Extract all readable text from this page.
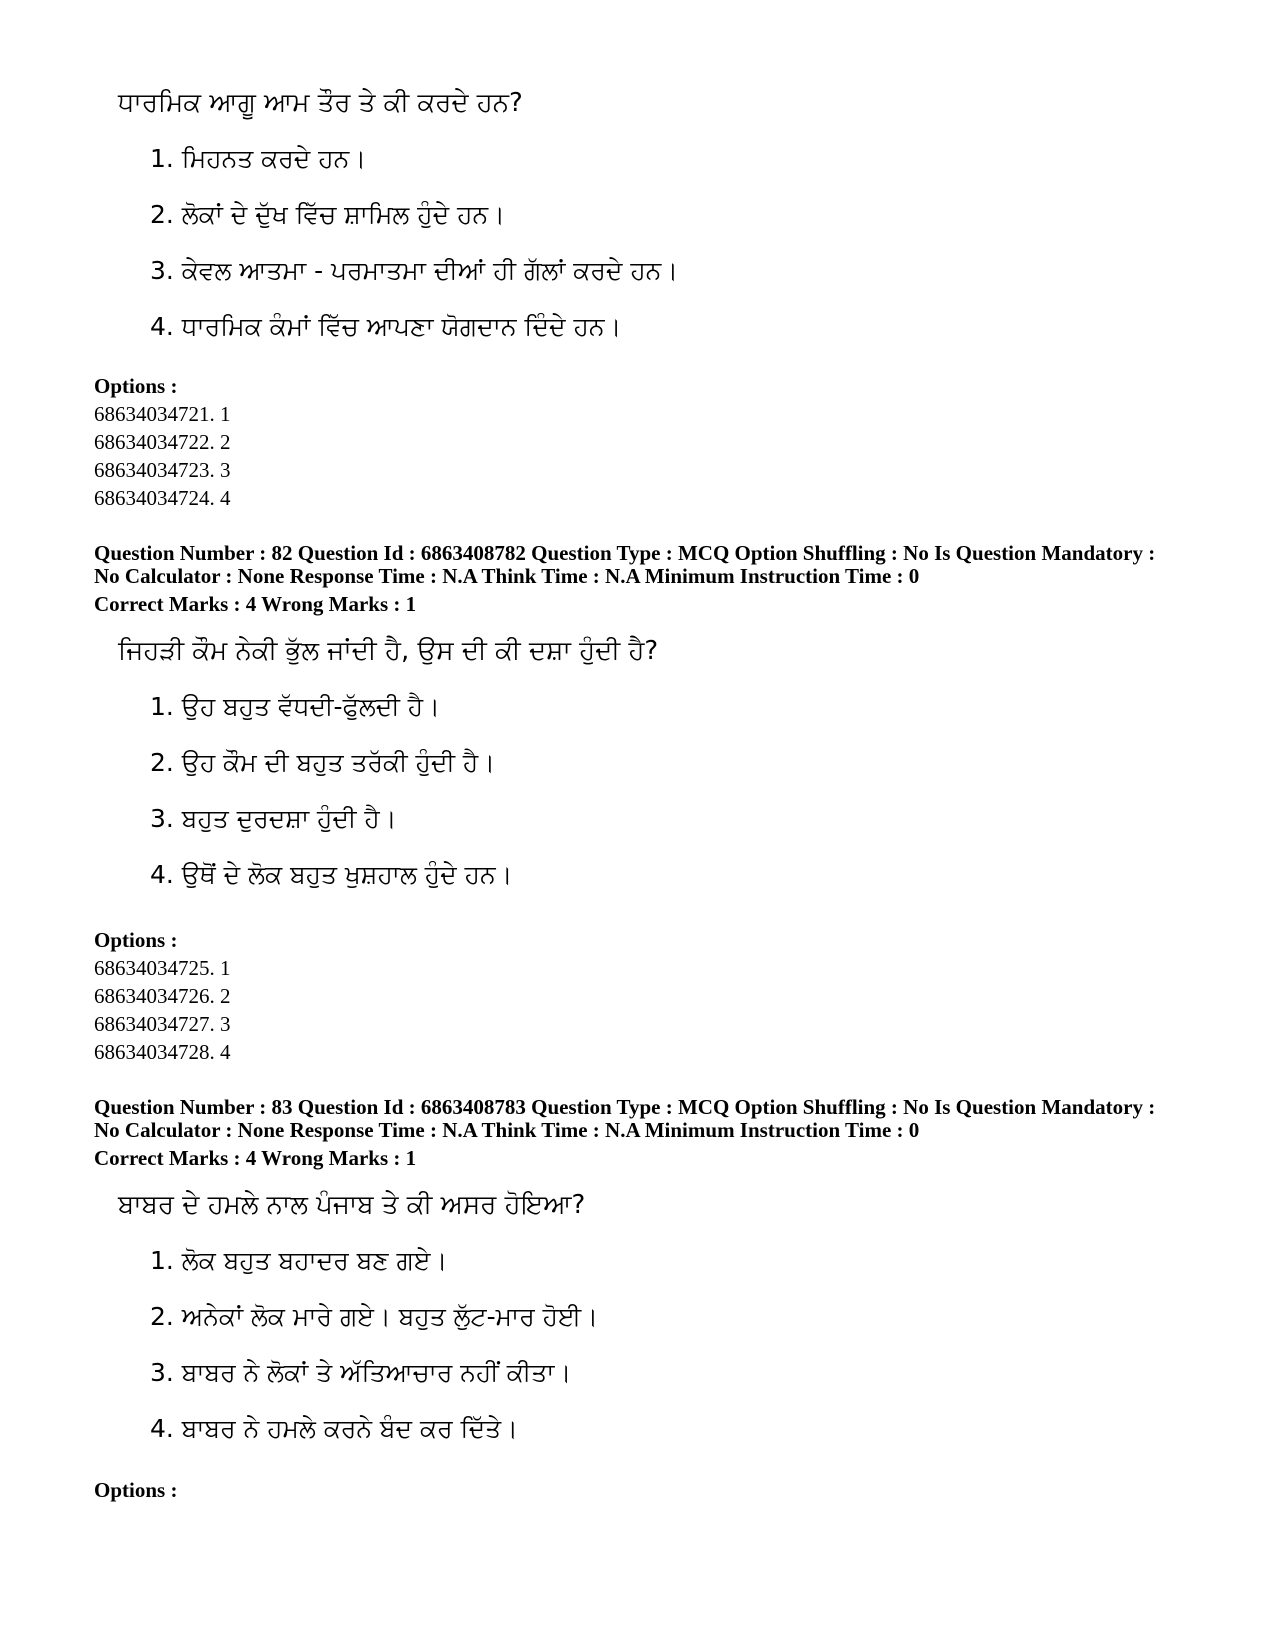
ਧਾਰਮਿਕ ਆਗੂ ਆਮ ਤੌਰ ਤੇ ਕੀ ਕਰਦੇ ਹਨ?
1. ਮਿਹਨਤ ਕਰਦੇ ਹਨ।
2. ਲੋਕਾਂ ਦੇ ਦੁੱਖ ਵਿੱਚ ਸ਼ਾਮਿਲ ਹੁੰਦੇ ਹਨ।
3. ਕੇਵਲ ਆਤਮਾ - ਪਰਮਾਤਮਾ ਦੀਆਂ ਹੀ ਗੱਲਾਂ ਕਰਦੇ ਹਨ।
4. ਧਾਰਮਿਕ ਕੰਮਾਂ ਵਿੱਚ ਆਪਣਾ ਯੋਗਦਾਨ ਦਿੰਦੇ ਹਨ।
Options :
68634034721. 1
68634034722. 2
68634034723. 3
68634034724. 4
Question Number : 82 Question Id : 6863408782 Question Type : MCQ Option Shuffling : No Is Question Mandatory :
No Calculator : None Response Time : N.A Think Time : N.A Minimum Instruction Time : 0
Correct Marks : 4 Wrong Marks : 1
ਜਿਹੜੀ ਕੌਮ ਨੇਕੀ ਭੁੱਲ ਜਾਂਦੀ ਹੈ, ਉਸ ਦੀ ਕੀ ਦਸ਼ਾ ਹੁੰਦੀ ਹੈ?
1. ਉਹ ਬਹੁਤ ਵੱਧਦੀ-ਫੁੱਲਦੀ ਹੈ।
2. ਉਹ ਕੌਮ ਦੀ ਬਹੁਤ ਤਰੱਕੀ ਹੁੰਦੀ ਹੈ।
3. ਬਹੁਤ ਦੁਰਦਸ਼ਾ ਹੁੰਦੀ ਹੈ।
4. ਉਥੋਂ ਦੇ ਲੋਕ ਬਹੁਤ ਖੁਸ਼ਹਾਲ ਹੁੰਦੇ ਹਨ।
Options :
68634034725. 1
68634034726. 2
68634034727. 3
68634034728. 4
Question Number : 83 Question Id : 6863408783 Question Type : MCQ Option Shuffling : No Is Question Mandatory :
No Calculator : None Response Time : N.A Think Time : N.A Minimum Instruction Time : 0
Correct Marks : 4 Wrong Marks : 1
ਬਾਬਰ ਦੇ ਹਮਲੇ ਨਾਲ ਪੰਜਾਬ ਤੇ ਕੀ ਅਸਰ ਹੋਇਆ?
1. ਲੋਕ ਬਹੁਤ ਬਹਾਦਰ ਬਣ ਗਏ।
2. ਅਨੇਕਾਂ ਲੋਕ ਮਾਰੇ ਗਏ। ਬਹੁਤ ਲੁੱਟ-ਮਾਰ ਹੋਈ।
3. ਬਾਬਰ ਨੇ ਲੋਕਾਂ ਤੇ ਅੱਤਿਆਚਾਰ ਨਹੀਂ ਕੀਤਾ।
4. ਬਾਬਰ ਨੇ ਹਮਲੇ ਕਰਨੇ ਬੰਦ ਕਰ ਦਿੱਤੇ।
Options :
